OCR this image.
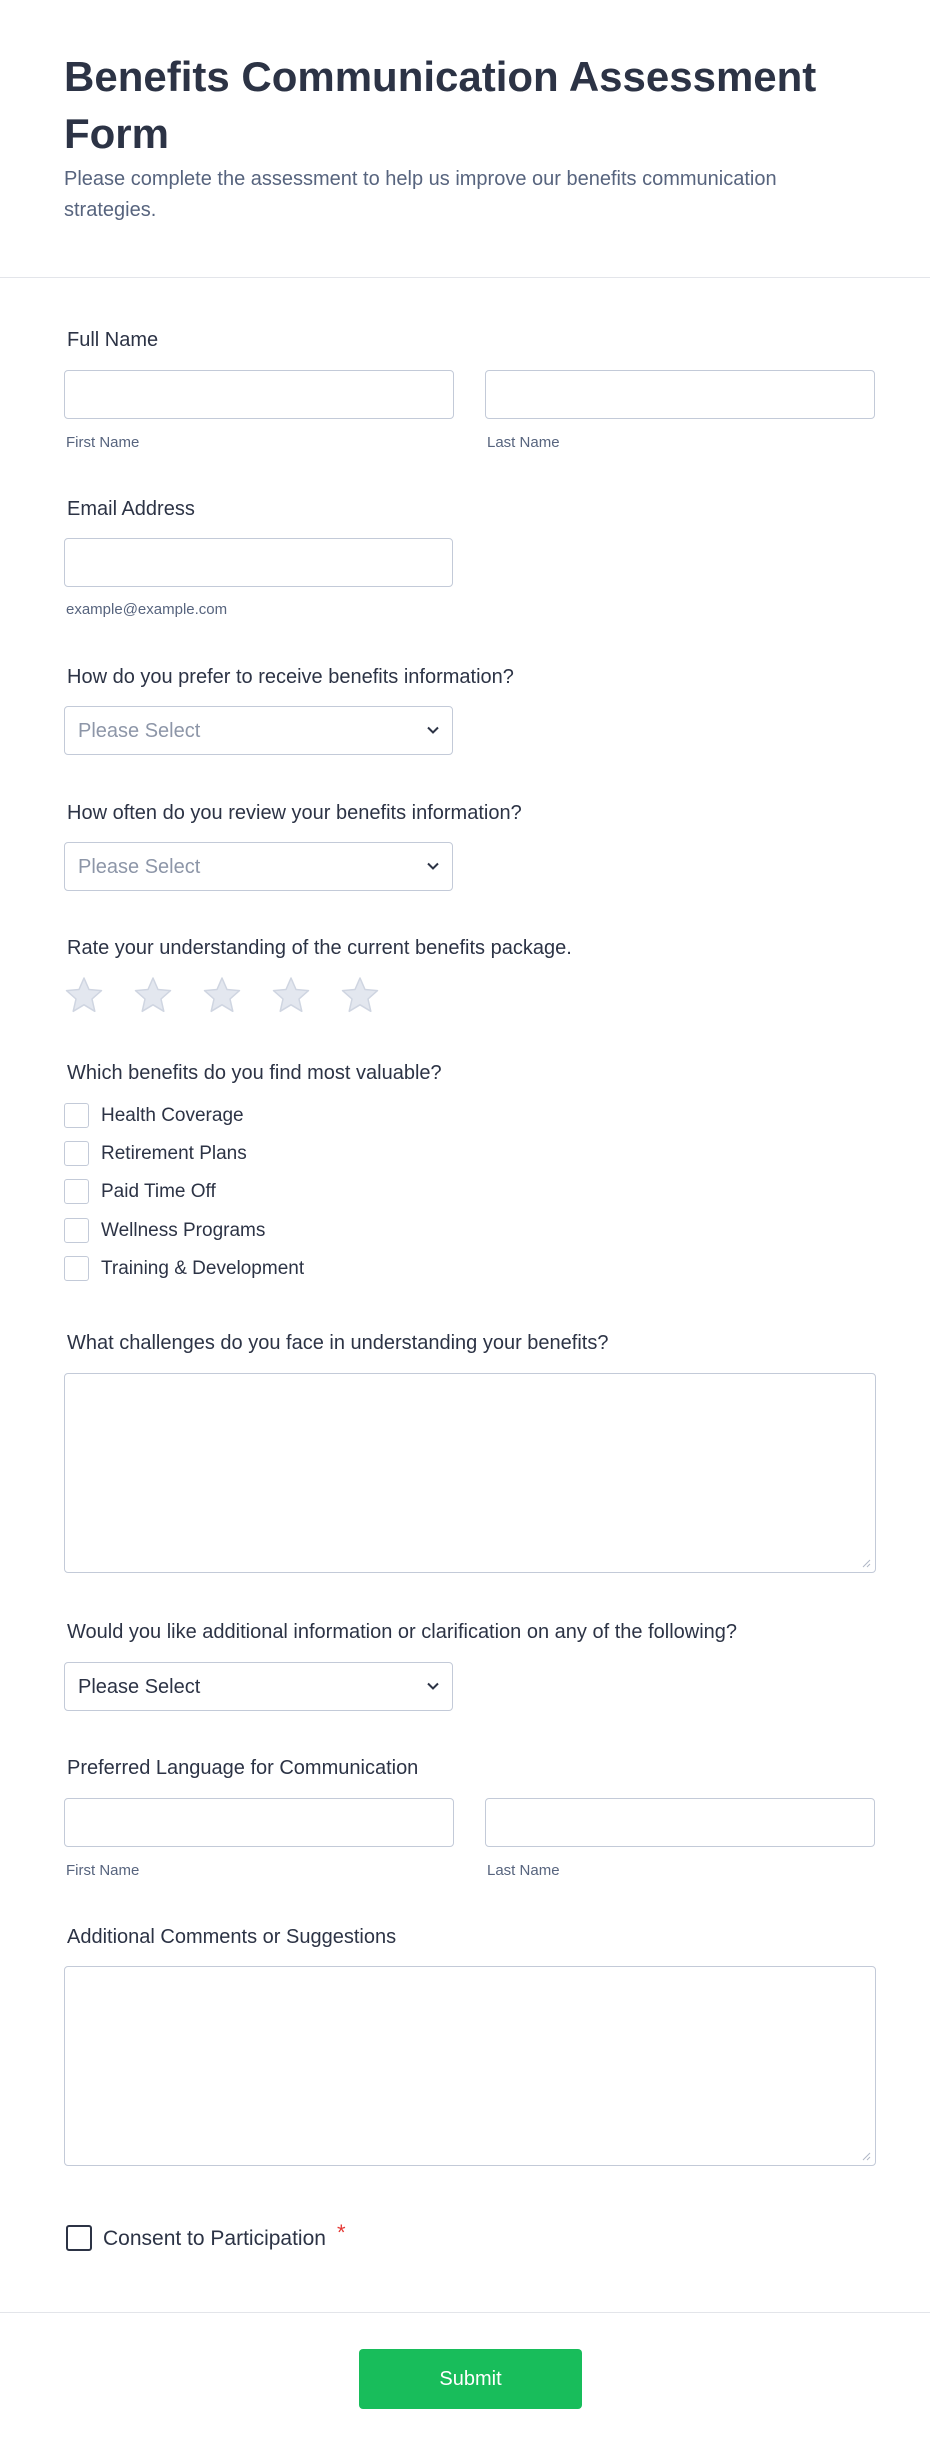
Benefits Communication Assessment Form

Please complete the assessment to help us improve our benefits communication strategies.

Full Name
First Name	Last Name
Email Address
example@example.com
How do you prefer to receive benefits information?
Please Select
How often do you review your benefits information?
Please Select
Rate your understanding of the current benefits package.
Which benefits do you find most valuable?
Health Coverage
Retirement Plans
Paid Time Off
Wellness Programs
Training & Development
What challenges do you face in understanding your benefits?
Would you like additional information or clarification on any of the following?
Please Select
Preferred Language for Communication
First Name	Last Name
Additional Comments or Suggestions
Consent to Participation *
Submit
